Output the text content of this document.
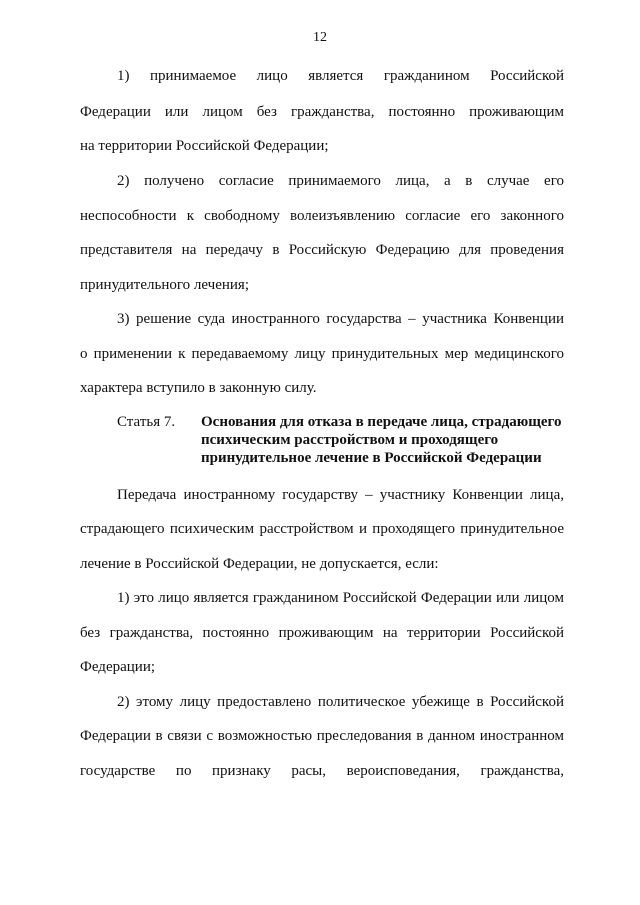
12
1) принимаемое лицо является гражданином Российской
Федерации или лицом без гражданства, постоянно проживающим
на территории Российской Федерации;
2) получено согласие принимаемого лица, а в случае его
неспособности к свободному волеизъявлению согласие его законного
представителя на передачу в Российскую Федерацию для проведения
принудительного лечения;
3) решение суда иностранного государства – участника Конвенции
о применении к передаваемому лицу принудительных мер медицинского
характера вступило в законную силу.
Статья 7. Основания для отказа в передаче лица, страдающего
психическим расстройством и проходящего
принудительное лечение в Российской Федерации
Передача иностранному государству – участнику Конвенции лица,
страдающего психическим расстройством и проходящего принудительное
лечение в Российской Федерации, не допускается, если:
1) это лицо является гражданином Российской Федерации или лицом
без гражданства, постоянно проживающим на территории Российской
Федерации;
2) этому лицу предоставлено политическое убежище в Российской
Федерации в связи с возможностью преследования в данном иностранном
государстве по признаку расы, вероисповедания, гражданства,
